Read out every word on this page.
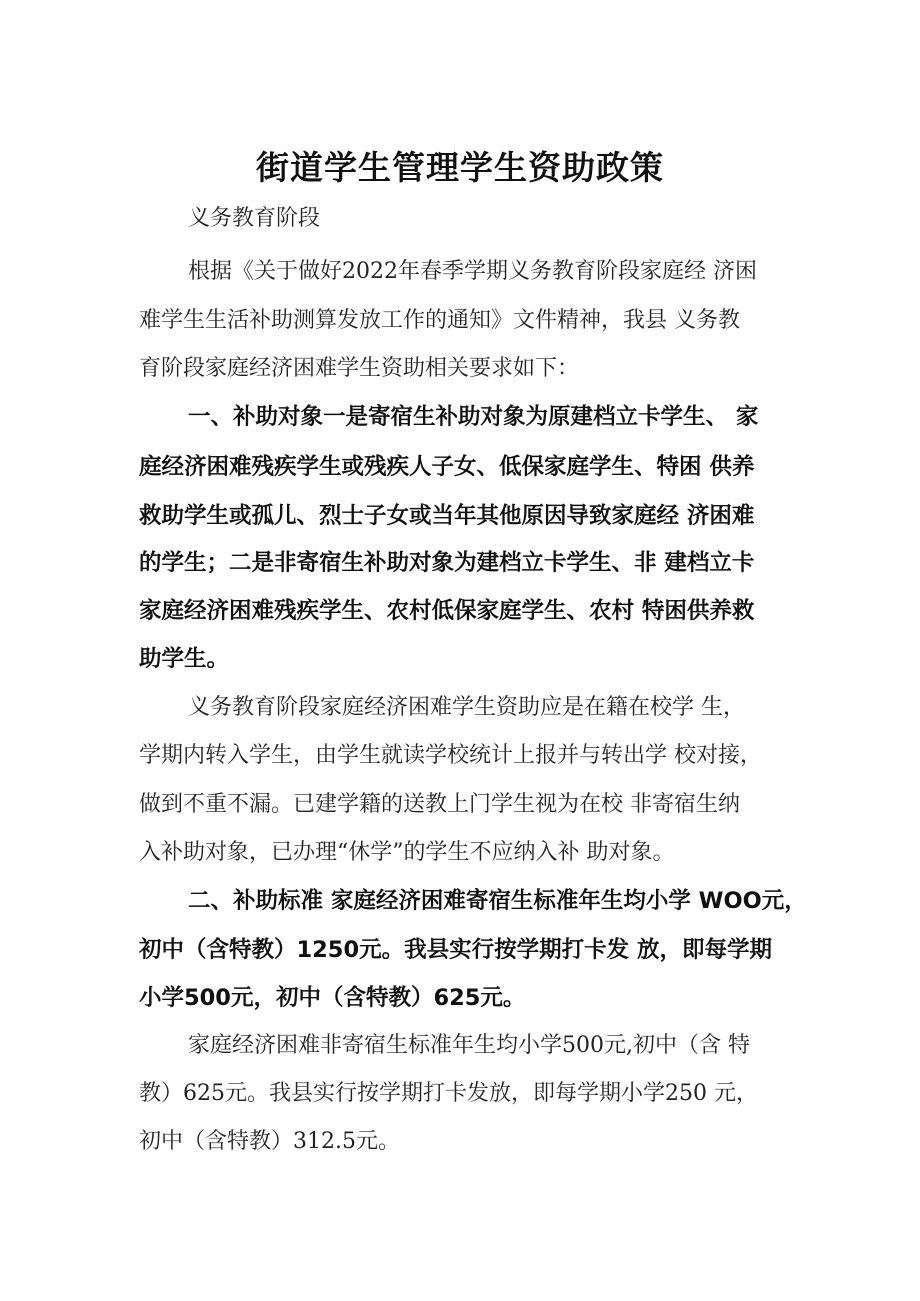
街道学生管理学生资助政策

义务教育阶段

根据《关于做好2022年春季学期义务教育阶段家庭经 济困

难学生生活补助测算发放工作的通知》文件精神，我县 义务教

育阶段家庭经济困难学生资助相关要求如下：

一、补助对象一是寄宿生补助对象为原建档立卡学生、 家

庭经济困难残疾学生或残疾人子女、低保家庭学生、特困 供养

救助学生或孤儿、烈士子女或当年其他原因导致家庭经 济困难

的学生；二是非寄宿生补助对象为建档立卡学生、非 建档立卡

家庭经济困难残疾学生、农村低保家庭学生、农村 特困供养救

助学生。

义务教育阶段家庭经济困难学生资助应是在籍在校学 生，

学期内转入学生，由学生就读学校统计上报并与转出学 校对接，

做到不重不漏。已建学籍的送教上门学生视为在校 非寄宿生纳

入补助对象，已办理“休学”的学生不应纳入补 助对象。

二、补助标准 家庭经济困难寄宿生标准年生均小学 WOO元，

初中（含特教）1250元。我县实行按学期打卡发 放，即每学期

小学500元，初中（含特教）625元。

家庭经济困难非寄宿生标准年生均小学500元,初中（含 特

教）625元。我县实行按学期打卡发放，即每学期小学250 元，

初中（含特教）312.5元。
